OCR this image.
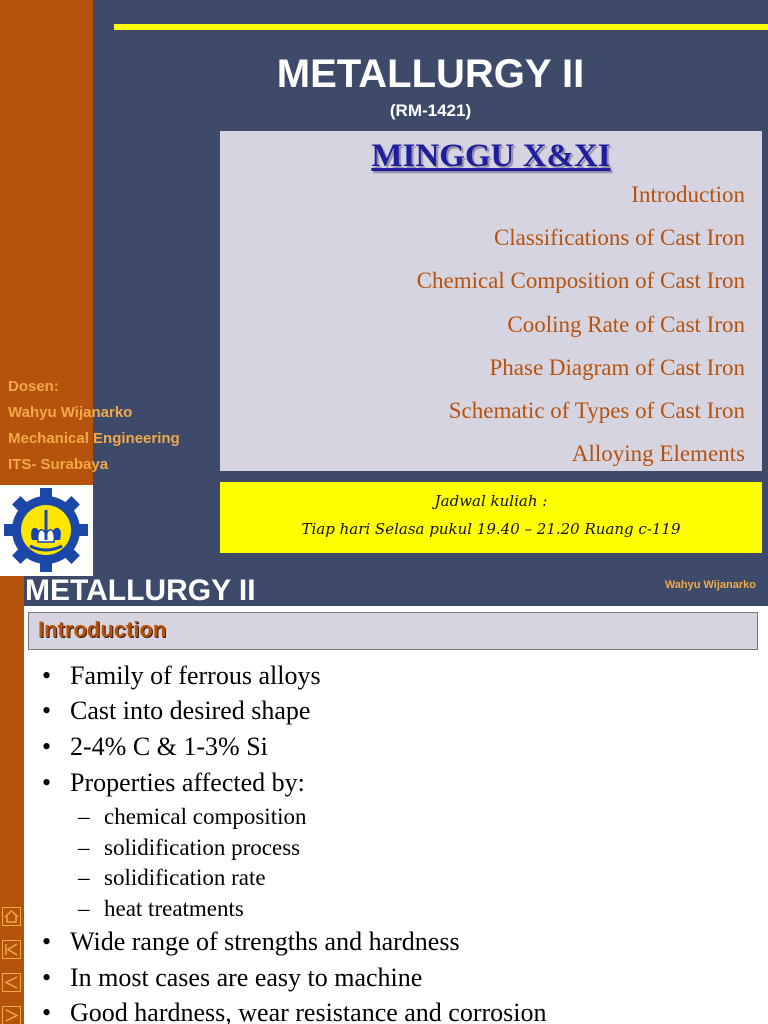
METALLURGY II
(RM-1421)
MINGGU X&XI
Introduction
Classifications of Cast Iron
Chemical Composition of Cast Iron
Cooling Rate of Cast Iron
Phase Diagram of Cast Iron
Schematic of Types of Cast Iron
Alloying Elements
Dosen:
Wahyu Wijanarko
Mechanical Engineering
ITS- Surabaya
Jadwal kuliah :
Tiap hari Selasa pukul 19.40 – 21.20 Ruang c-119
METALLURGY II	Wahyu Wijanarko
Introduction
• Family of ferrous alloys
• Cast into desired shape
• 2-4% C & 1-3% Si
• Properties affected by:
– chemical composition
– solidification process
– solidification rate
– heat treatments
• Wide range of strengths and hardness
• In most cases are easy to machine
• Good hardness, wear resistance and corrosion
